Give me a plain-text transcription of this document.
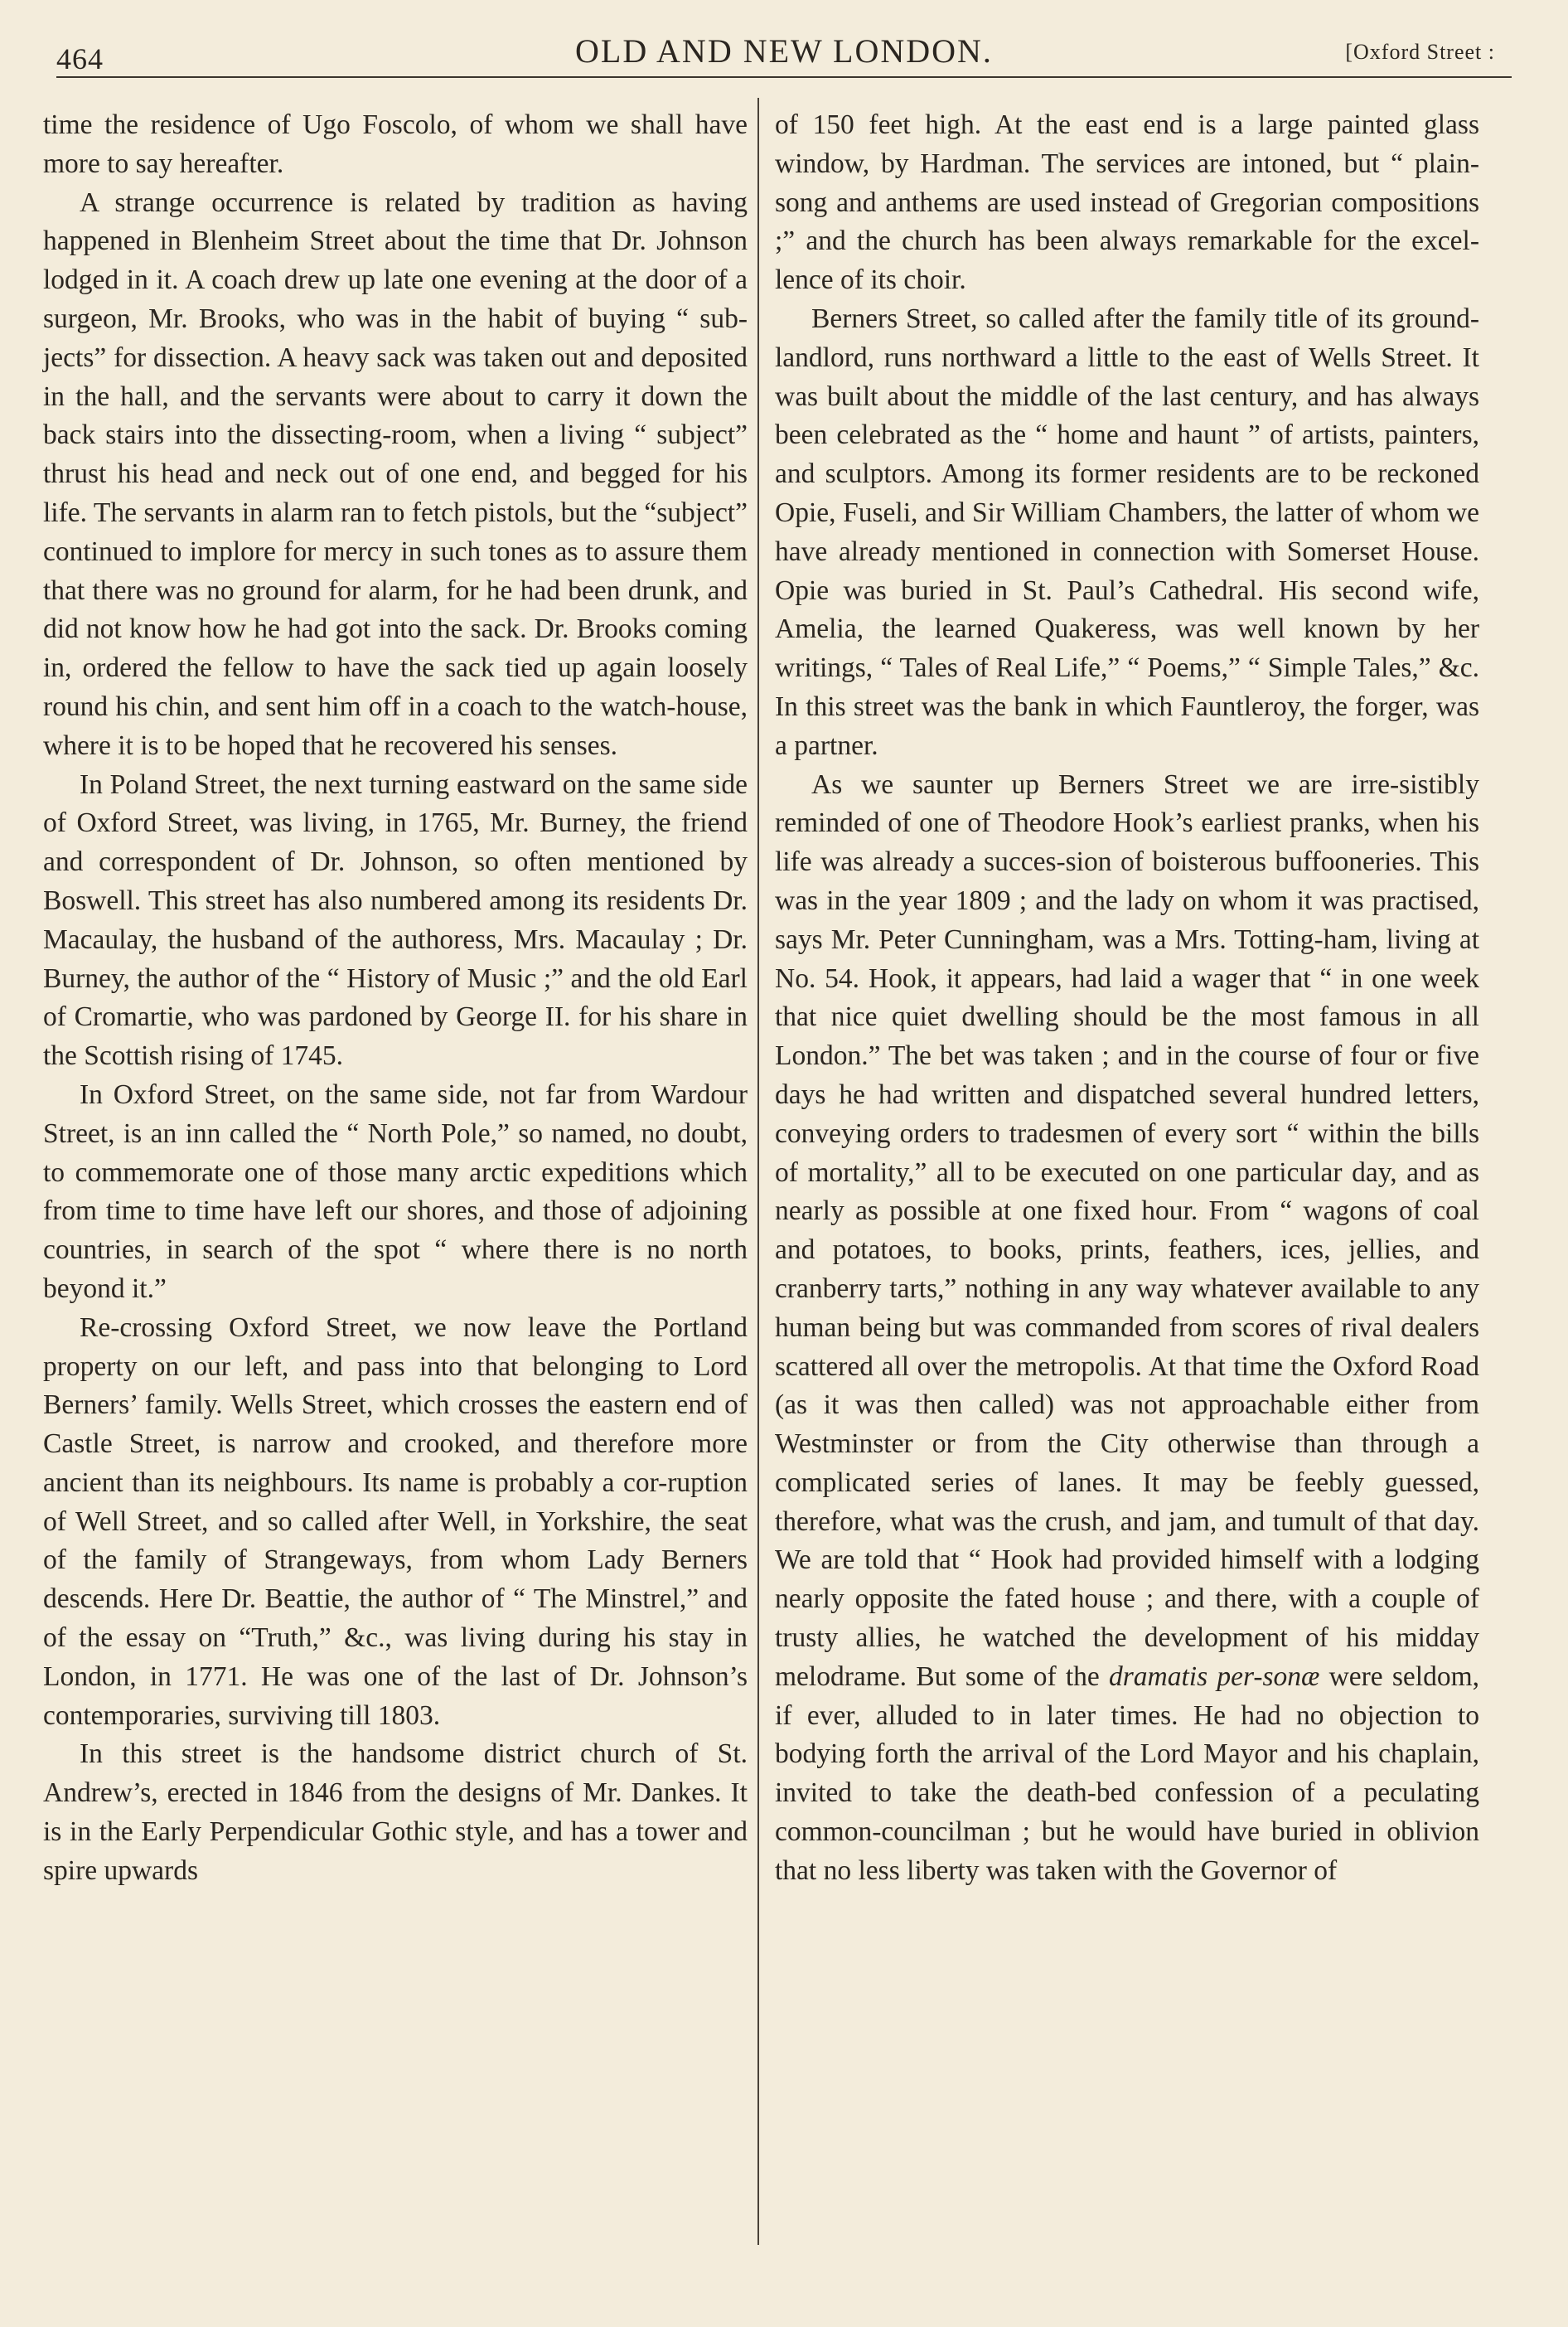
464	OLD AND NEW LONDON.	[Oxford Street :

time the residence of Ugo Foscolo, of whom we shall have more to say hereafter.

A strange occurrence is related by tradition as having happened in Blenheim Street about the time that Dr. Johnson lodged in it. A coach drew up late one evening at the door of a surgeon, Mr. Brooks, who was in the habit of buying “ sub-jects” for dissection. A heavy sack was taken out and deposited in the hall, and the servants were about to carry it down the back stairs into the dissecting-room, when a living “ subject” thrust his head and neck out of one end, and begged for his life. The servants in alarm ran to fetch pistols, but the “subject” continued to implore for mercy in such tones as to assure them that there was no ground for alarm, for he had been drunk, and did not know how he had got into the sack. Dr. Brooks coming in, ordered the fellow to have the sack tied up again loosely round his chin, and sent him off in a coach to the watch-house, where it is to be hoped that he recovered his senses.

In Poland Street, the next turning eastward on the same side of Oxford Street, was living, in 1765, Mr. Burney, the friend and correspondent of Dr. Johnson, so often mentioned by Boswell. This street has also numbered among its residents Dr. Macaulay, the husband of the authoress, Mrs. Macaulay ; Dr. Burney, the author of the “ History of Music ;” and the old Earl of Cromartie, who was pardoned by George II. for his share in the Scottish rising of 1745.

In Oxford Street, on the same side, not far from Wardour Street, is an inn called the “ North Pole,” so named, no doubt, to commemorate one of those many arctic expeditions which from time to time have left our shores, and those of adjoining countries, in search of the spot “ where there is no north beyond it.”

Re-crossing Oxford Street, we now leave the Portland property on our left, and pass into that belonging to Lord Berners’ family. Wells Street, which crosses the eastern end of Castle Street, is narrow and crooked, and therefore more ancient than its neighbours. Its name is probably a cor-ruption of Well Street, and so called after Well, in Yorkshire, the seat of the family of Strangeways, from whom Lady Berners descends. Here Dr. Beattie, the author of “ The Minstrel,” and of the essay on “Truth,” &c., was living during his stay in London, in 1771. He was one of the last of Dr. Johnson’s contemporaries, surviving till 1803.

In this street is the handsome district church of St. Andrew’s, erected in 1846 from the designs of Mr. Dankes. It is in the Early Perpendicular Gothic style, and has a tower and spire upwards

of 150 feet high. At the east end is a large painted glass window, by Hardman. The services are intoned, but “ plain-song and anthems are used instead of Gregorian compositions ;” and the church has been always remarkable for the excel-lence of its choir.

Berners Street, so called after the family title of its ground-landlord, runs northward a little to the east of Wells Street. It was built about the middle of the last century, and has always been celebrated as the “ home and haunt ” of artists, painters, and sculptors. Among its former residents are to be reckoned Opie, Fuseli, and Sir William Chambers, the latter of whom we have already mentioned in connection with Somerset House. Opie was buried in St. Paul’s Cathedral. His second wife, Amelia, the learned Quakeress, was well known by her writings, “ Tales of Real Life,” “ Poems,” “ Simple Tales,” &c. In this street was the bank in which Fauntleroy, the forger, was a partner.

As we saunter up Berners Street we are irre-sistibly reminded of one of Theodore Hook’s earliest pranks, when his life was already a succes-sion of boisterous buffooneries. This was in the year 1809 ; and the lady on whom it was practised, says Mr. Peter Cunningham, was a Mrs. Totting-ham, living at No. 54. Hook, it appears, had laid a wager that “ in one week that nice quiet dwelling should be the most famous in all London.” The bet was taken ; and in the course of four or five days he had written and dispatched several hundred letters, conveying orders to tradesmen of every sort “ within the bills of mortality,” all to be executed on one particular day, and as nearly as possible at one fixed hour. From “ wagons of coal and potatoes, to books, prints, feathers, ices, jellies, and cranberry tarts,” nothing in any way whatever available to any human being but was commanded from scores of rival dealers scattered all over the metropolis. At that time the Oxford Road (as it was then called) was not approachable either from Westminster or from the City otherwise than through a complicated series of lanes. It may be feebly guessed, therefore, what was the crush, and jam, and tumult of that day. We are told that “ Hook had provided himself with a lodging nearly opposite the fated house ; and there, with a couple of trusty allies, he watched the development of his midday melodrame. But some of the dramatis per-sonæ were seldom, if ever, alluded to in later times. He had no objection to bodying forth the arrival of the Lord Mayor and his chaplain, invited to take the death-bed confession of a peculating common-councilman ; but he would have buried in oblivion that no less liberty was taken with the Governor of
